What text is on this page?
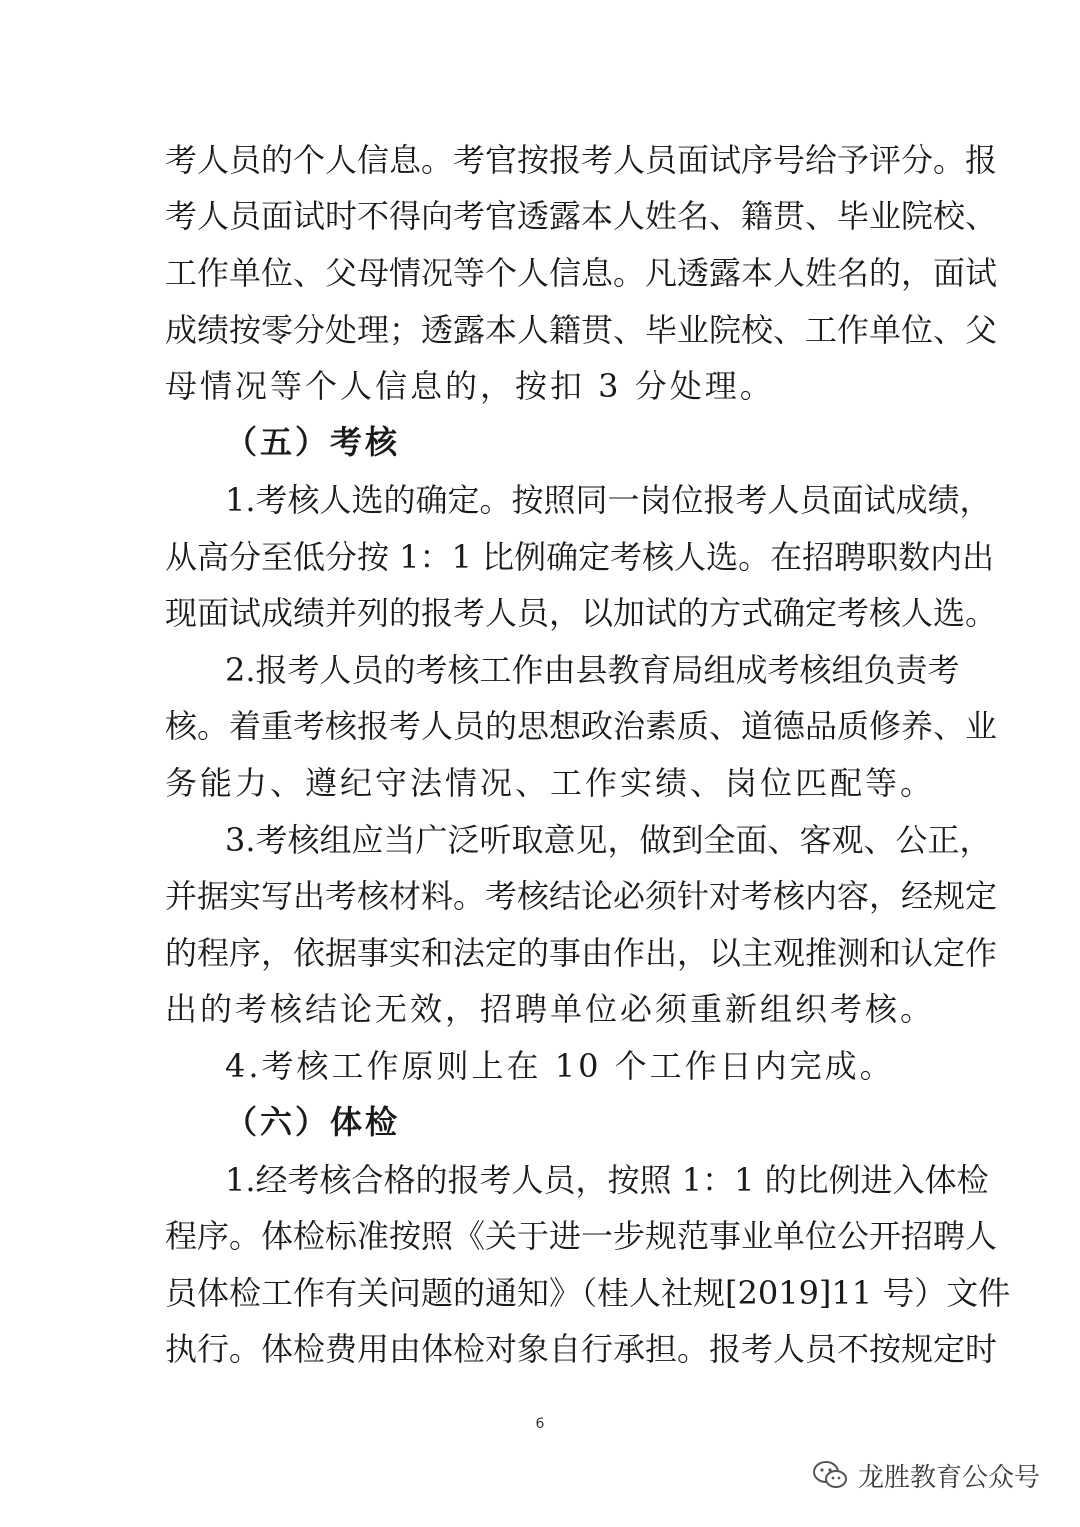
考人员的个人信息。考官按报考人员面试序号给予评分。报
考人员面试时不得向考官透露本人姓名、籍贯、毕业院校、
工作单位、父母情况等个人信息。凡透露本人姓名的，面试
成绩按零分处理；透露本人籍贯、毕业院校、工作单位、父
母情况等个人信息的，按扣 3 分处理。
（五）考核
1.考核人选的确定。按照同一岗位报考人员面试成绩，
从高分至低分按 1：1 比例确定考核人选。在招聘职数内出
现面试成绩并列的报考人员，以加试的方式确定考核人选。
2.报考人员的考核工作由县教育局组成考核组负责考
核。着重考核报考人员的思想政治素质、道德品质修养、业
务能力、遵纪守法情况、工作实绩、岗位匹配等。
3.考核组应当广泛听取意见，做到全面、客观、公正，
并据实写出考核材料。考核结论必须针对考核内容，经规定
的程序，依据事实和法定的事由作出，以主观推测和认定作
出的考核结论无效，招聘单位必须重新组织考核。
4.考核工作原则上在 10 个工作日内完成。
（六）体检
1.经考核合格的报考人员，按照 1：1 的比例进入体检
程序。体检标准按照《关于进一步规范事业单位公开招聘人
员体检工作有关问题的通知》（桂人社规[2019]11 号）文件
执行。体检费用由体检对象自行承担。报考人员不按规定时
6
龙胜教育公众号
